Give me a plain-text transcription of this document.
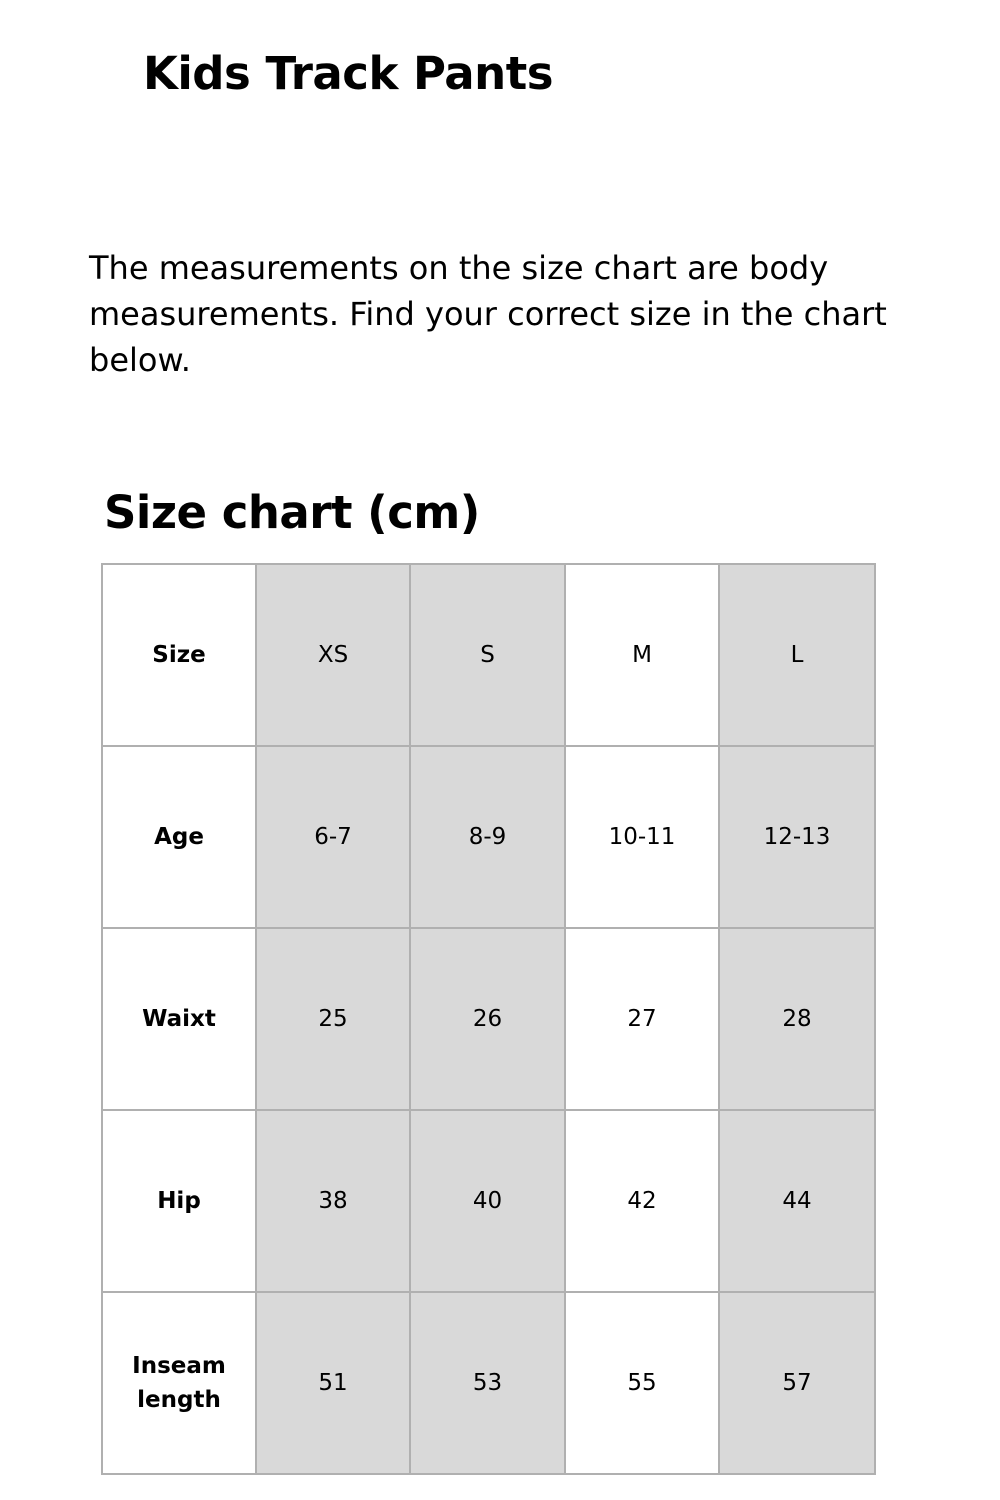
Kids Track Pants

The measurements on the size chart are body measurements. Find your correct size in the chart below.

Size chart (cm)
Size	XS	S	M	L
Age	6-7	8-9	10-11	12-13
Waixt	25	26	27	28
Hip	38	40	42	44
Inseam length	51	53	55	57
